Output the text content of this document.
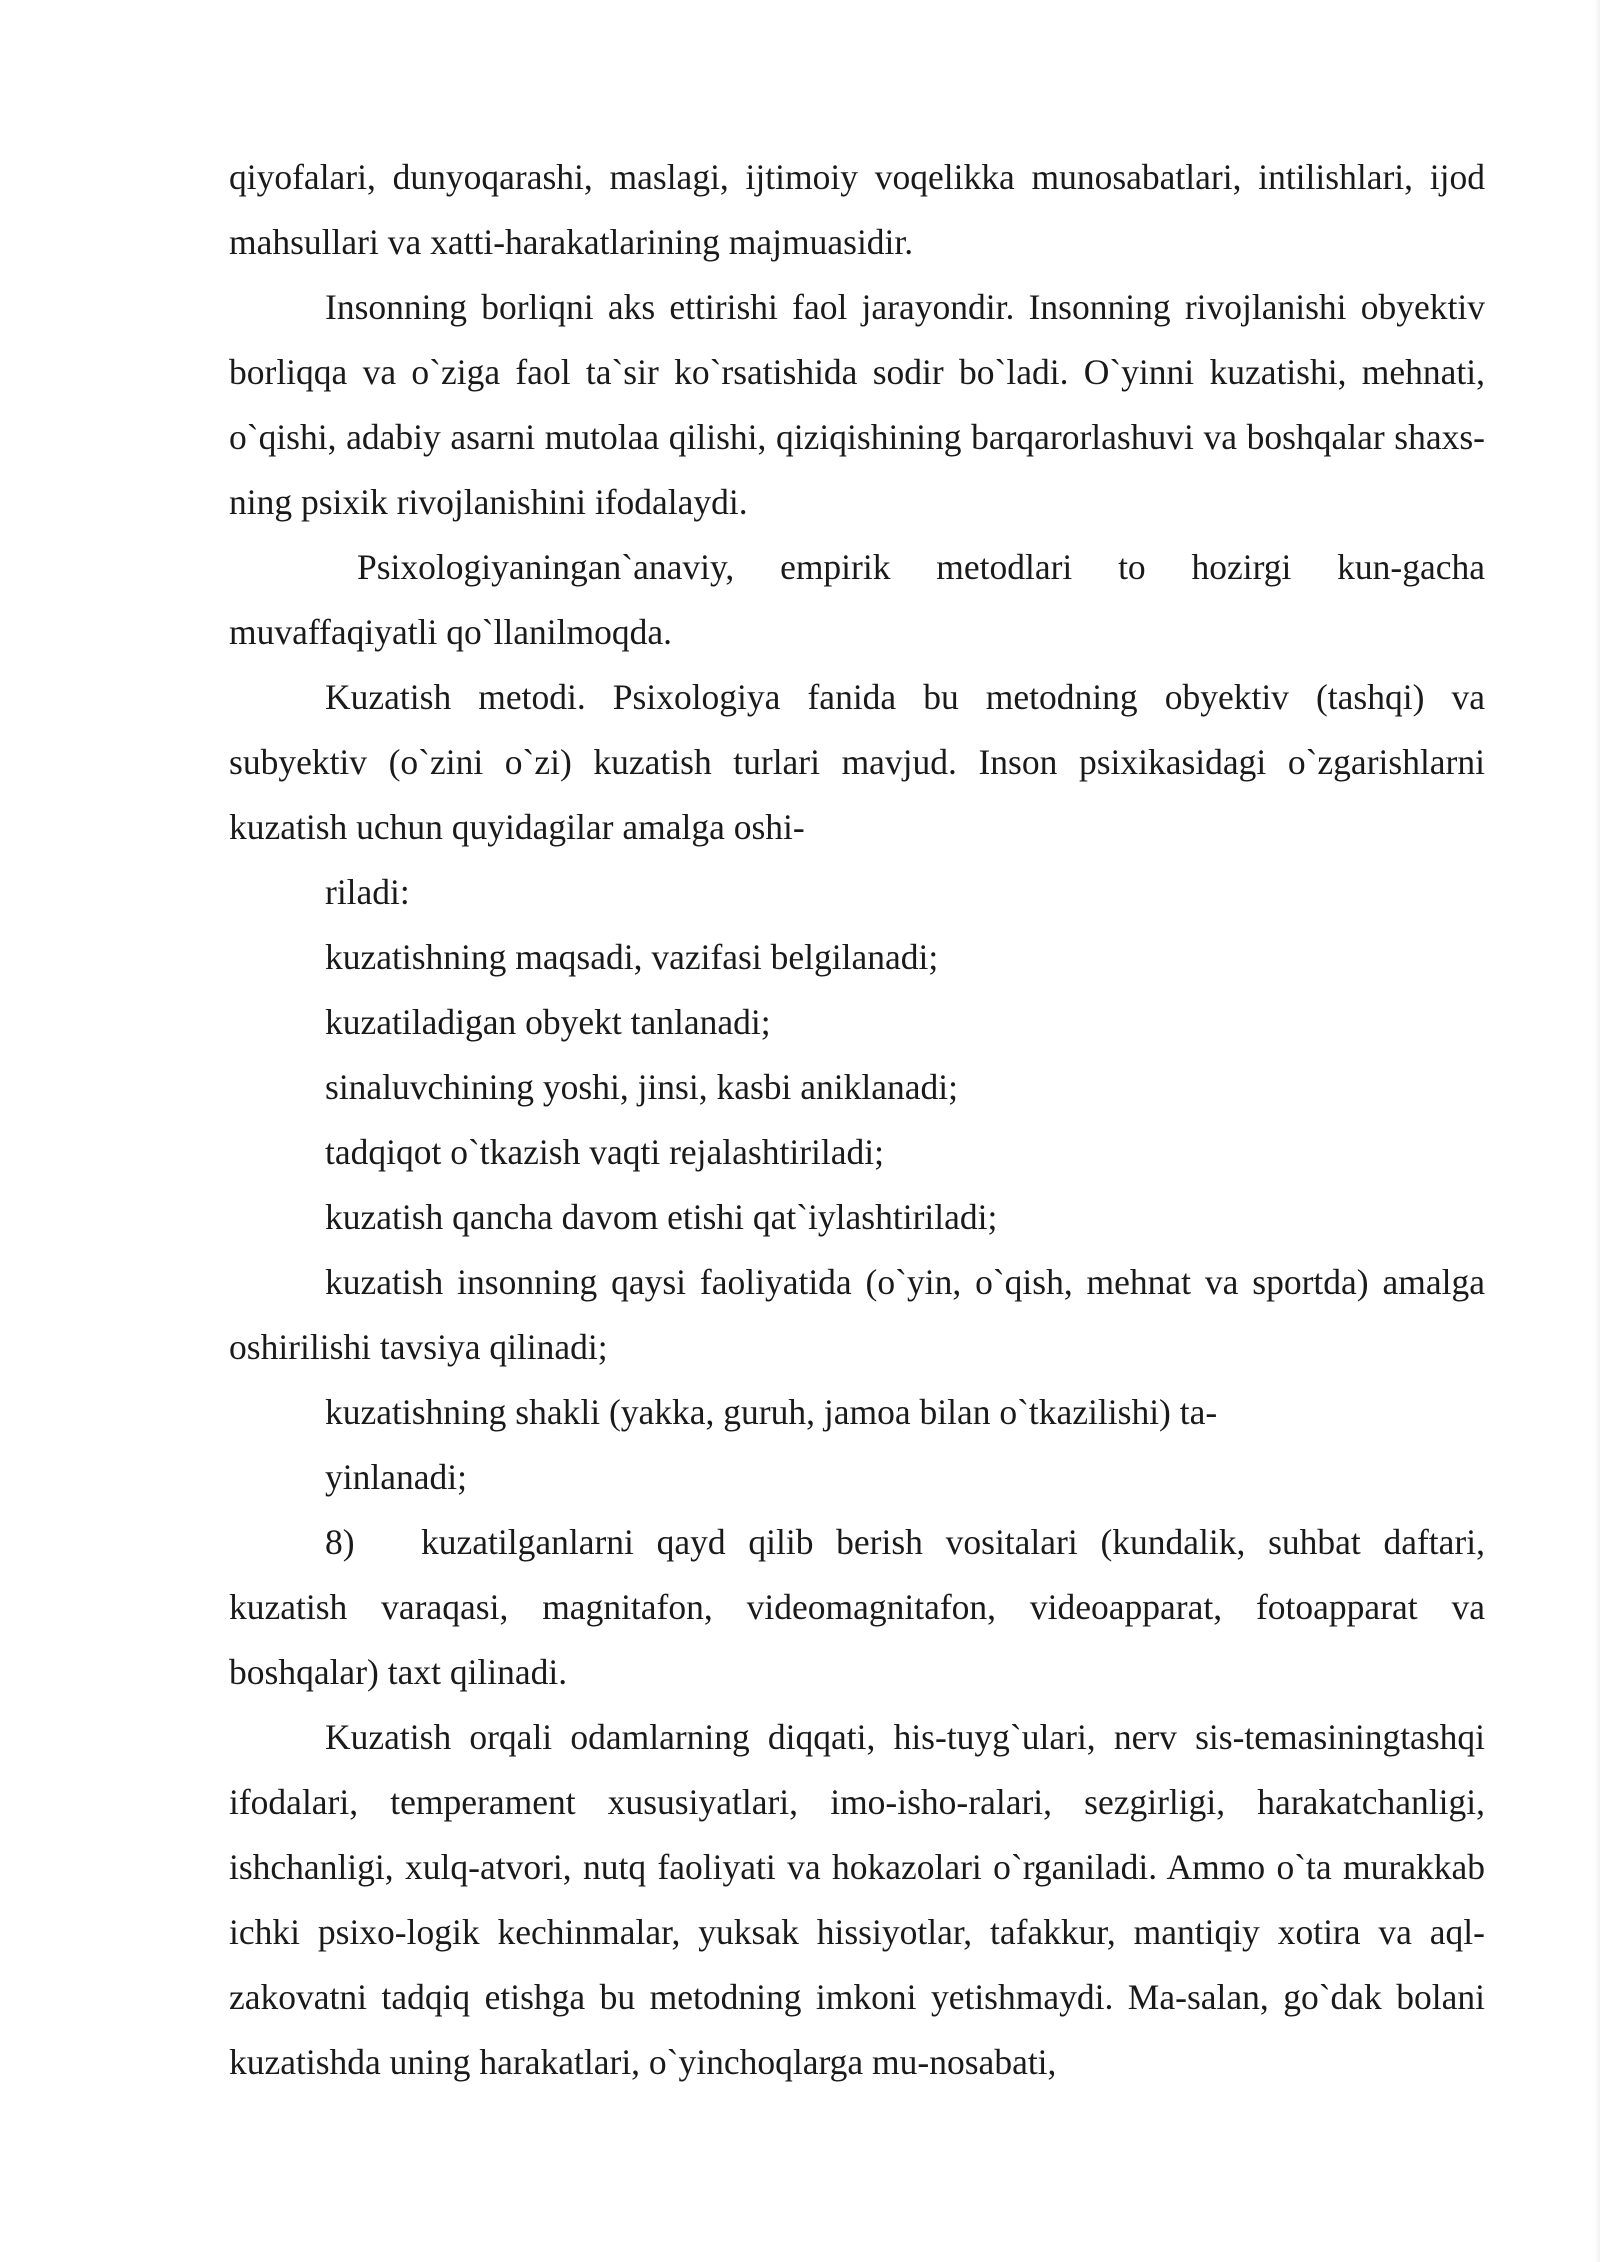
qiyofalari, dunyoqarashi, maslagi, ijtimoiy voqelikka munosabatlari, intilishlari, ijod mahsullari va xatti-harakatlarining majmuasidir.

Insonning borliqni aks ettirishi faol jarayondir. Insonning rivojlanishi obyektiv borliqqa va o`ziga faol ta`sir ko`rsatishida sodir bo`ladi. O`yinni kuzatishi, mehnati, o`qishi, adabiy asarni mutolaa qilishi, qiziqishining barqarorlashuvi va boshqalar shaxs-ning psixik rivojlanishini ifodalaydi.

Psixologiyaningan`anaviy, empirik metodlari to hozirgi kun-gacha muvaffaqiyatli qo`llanilmoqda.

Kuzatish metodi. Psixologiya fanida bu metodning obyektiv (tashqi) va subyektiv (o`zini o`zi) kuzatish turlari mavjud. Inson psixikasidagi o`zgarishlarni kuzatish uchun quyidagilar amalga oshi-

riladi:

kuzatishning maqsadi, vazifasi belgilanadi;

kuzatiladigan obyekt tanlanadi;

sinaluvchining yoshi, jinsi, kasbi aniklanadi;

tadqiqot o`tkazish vaqti rejalashtiriladi;

kuzatish qancha davom etishi qat`iylashtiriladi;

kuzatish insonning qaysi faoliyatida (o`yin, o`qish, mehnat va sportda) amalga oshirilishi tavsiya qilinadi;

kuzatishning shakli (yakka, guruh, jamoa bilan o`tkazilishi) ta-

yinlanadi;

8) kuzatilganlarni qayd qilib berish vositalari (kundalik, suhbat daftari, kuzatish varaqasi, magnitafon, videomagnitafon, videoapparat, fotoapparat va boshqalar) taxt qilinadi.

Kuzatish orqali odamlarning diqqati, his-tuyg`ulari, nerv sis-temasiningtashqi ifodalari, temperament xususiyatlari, imo-isho-ralari, sezgirligi, harakatchanligi, ishchanligi, xulq-atvori, nutq faoliyati va hokazolari o`rganiladi. Ammo o`ta murakkab ichki psixo-logik kechinmalar, yuksak hissiyotlar, tafakkur, mantiqiy xotira va aql-zakovatni tadqiq etishga bu metodning imkoni yetishmaydi. Ma-salan, go`dak bolani kuzatishda uning harakatlari, o`yinchoqlarga mu-nosabati,
